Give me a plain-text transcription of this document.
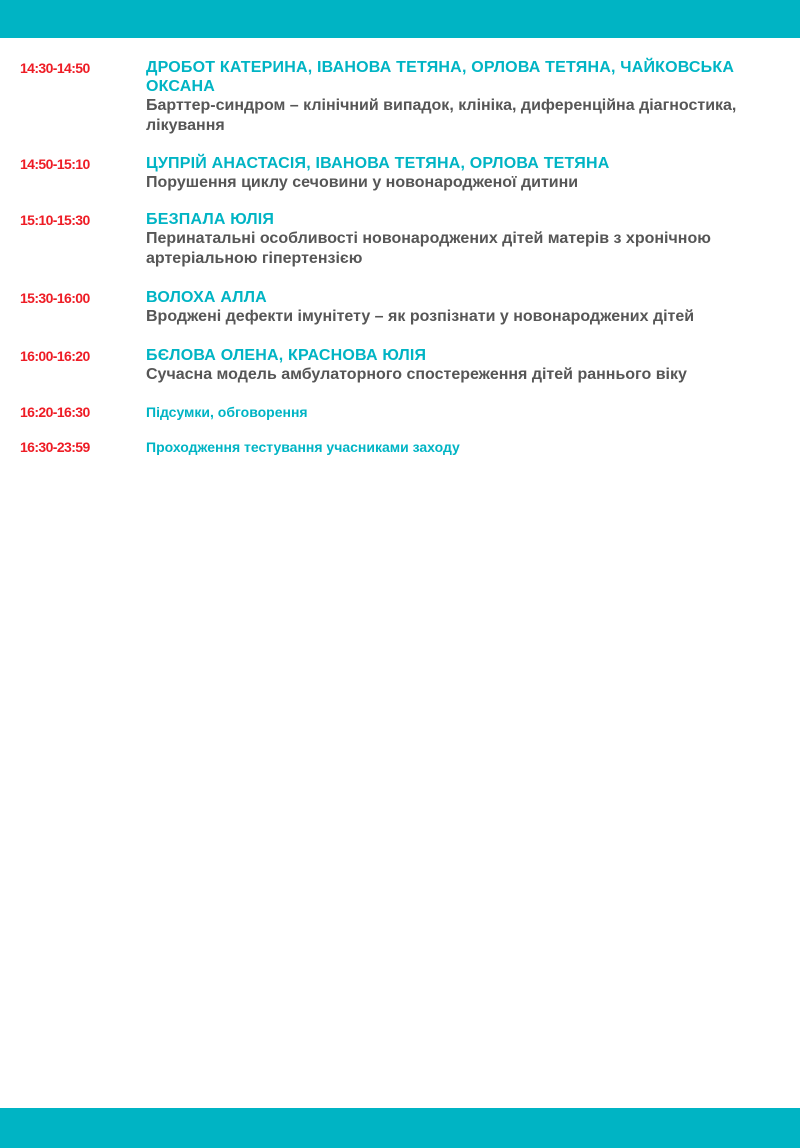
14:30-14:50	ДРОБОТ КАТЕРИНА, ІВАНОВА ТЕТЯНА, ОРЛОВА ТЕТЯНА, ЧАЙКОВСЬКА ОКСАНА
Барттер-синдром – клінічний випадок, клініка, диференційна діагностика, лікування
14:50-15:10	ЦУПРІЙ АНАСТАСІЯ, ІВАНОВА ТЕТЯНА, ОРЛОВА ТЕТЯНА
Порушення циклу сечовини у новонародженої дитини
15:10-15:30	БЕЗПАЛА ЮЛІЯ
Перинатальні особливості новонароджених дітей матерів з хронічною артеріальною гіпертензією
15:30-16:00	ВОЛОХА АЛЛА
Вроджені дефекти імунітету – як розпізнати у новонароджених дітей
16:00-16:20	БЄЛОВА ОЛЕНА, КРАСНОВА ЮЛІЯ
Сучасна модель амбулаторного спостереження дітей раннього віку
16:20-16:30	Підсумки, обговорення
16:30-23:59	Проходження тестування учасниками заходу
